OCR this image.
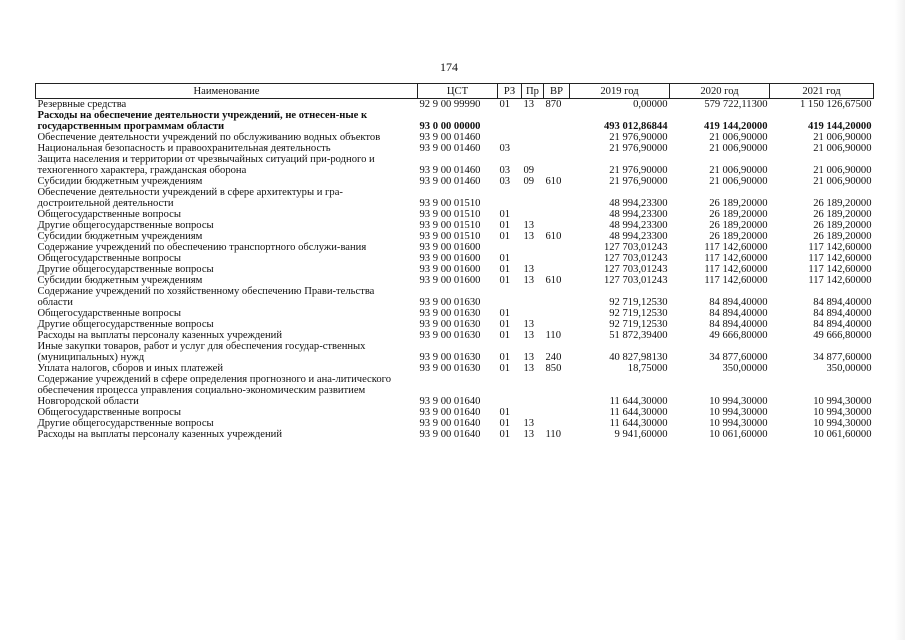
174
Наименование	ЦСТ	РЗ	Пр	ВР	2019 год	2020 год	2021 год
Резервные средства	92 9 00 99990	01	13	870	0,00000	579 722,11300	1 150 126,67500
Расходы на обеспечение деятельности учреждений, не отнесен-ные к государственным программам области	93 0 00 00000				493 012,86844	419 144,20000	419 144,20000
Обеспечение деятельности учреждений по обслуживанию водных объектов	93 9 00 01460				21 976,90000	21 006,90000	21 006,90000
Национальная безопасность и правоохранительная деятельность	93 9 00 01460	03			21 976,90000	21 006,90000	21 006,90000
Защита населения и территории от чрезвычайных ситуаций при-родного и техногенного характера, гражданская оборона	93 9 00 01460	03	09		21 976,90000	21 006,90000	21 006,90000
Субсидии бюджетным учреждениям	93 9 00 01460	03	09	610	21 976,90000	21 006,90000	21 006,90000
Обеспечение деятельности учреждений в сфере архитектуры и гра-достроительной деятельности	93 9 00 01510				48 994,23300	26 189,20000	26 189,20000
Общегосударственные вопросы	93 9 00 01510	01			48 994,23300	26 189,20000	26 189,20000
Другие общегосударственные вопросы	93 9 00 01510	01	13		48 994,23300	26 189,20000	26 189,20000
Субсидии бюджетным учреждениям	93 9 00 01510	01	13	610	48 994,23300	26 189,20000	26 189,20000
Содержание учреждений по обеспечению транспортного обслужи-вания	93 9 00 01600				127 703,01243	117 142,60000	117 142,60000
Общегосударственные вопросы	93 9 00 01600	01			127 703,01243	117 142,60000	117 142,60000
Другие общегосударственные вопросы	93 9 00 01600	01	13		127 703,01243	117 142,60000	117 142,60000
Субсидии бюджетным учреждениям	93 9 00 01600	01	13	610	127 703,01243	117 142,60000	117 142,60000
Содержание учреждений по хозяйственному обеспечению Прави-тельства области	93 9 00 01630				92 719,12530	84 894,40000	84 894,40000
Общегосударственные вопросы	93 9 00 01630	01			92 719,12530	84 894,40000	84 894,40000
Другие общегосударственные вопросы	93 9 00 01630	01	13		92 719,12530	84 894,40000	84 894,40000
Расходы на выплаты персоналу казенных учреждений	93 9 00 01630	01	13	110	51 872,39400	49 666,80000	49 666,80000
Иные закупки товаров, работ и услуг для обеспечения государ-ственных (муниципальных) нужд	93 9 00 01630	01	13	240	40 827,98130	34 877,60000	34 877,60000
Уплата налогов, сборов и иных платежей	93 9 00 01630	01	13	850	18,75000	350,00000	350,00000
Содержание учреждений в сфере определения прогнозного и ана-литического обеспечения процесса управления социально-экономическим развитием Новгородской области	93 9 00 01640				11 644,30000	10 994,30000	10 994,30000
Общегосударственные вопросы	93 9 00 01640	01			11 644,30000	10 994,30000	10 994,30000
Другие общегосударственные вопросы	93 9 00 01640	01	13		11 644,30000	10 994,30000	10 994,30000
Расходы на выплаты персоналу казенных учреждений	93 9 00 01640	01	13	110	9 941,60000	10 061,60000	10 061,60000
